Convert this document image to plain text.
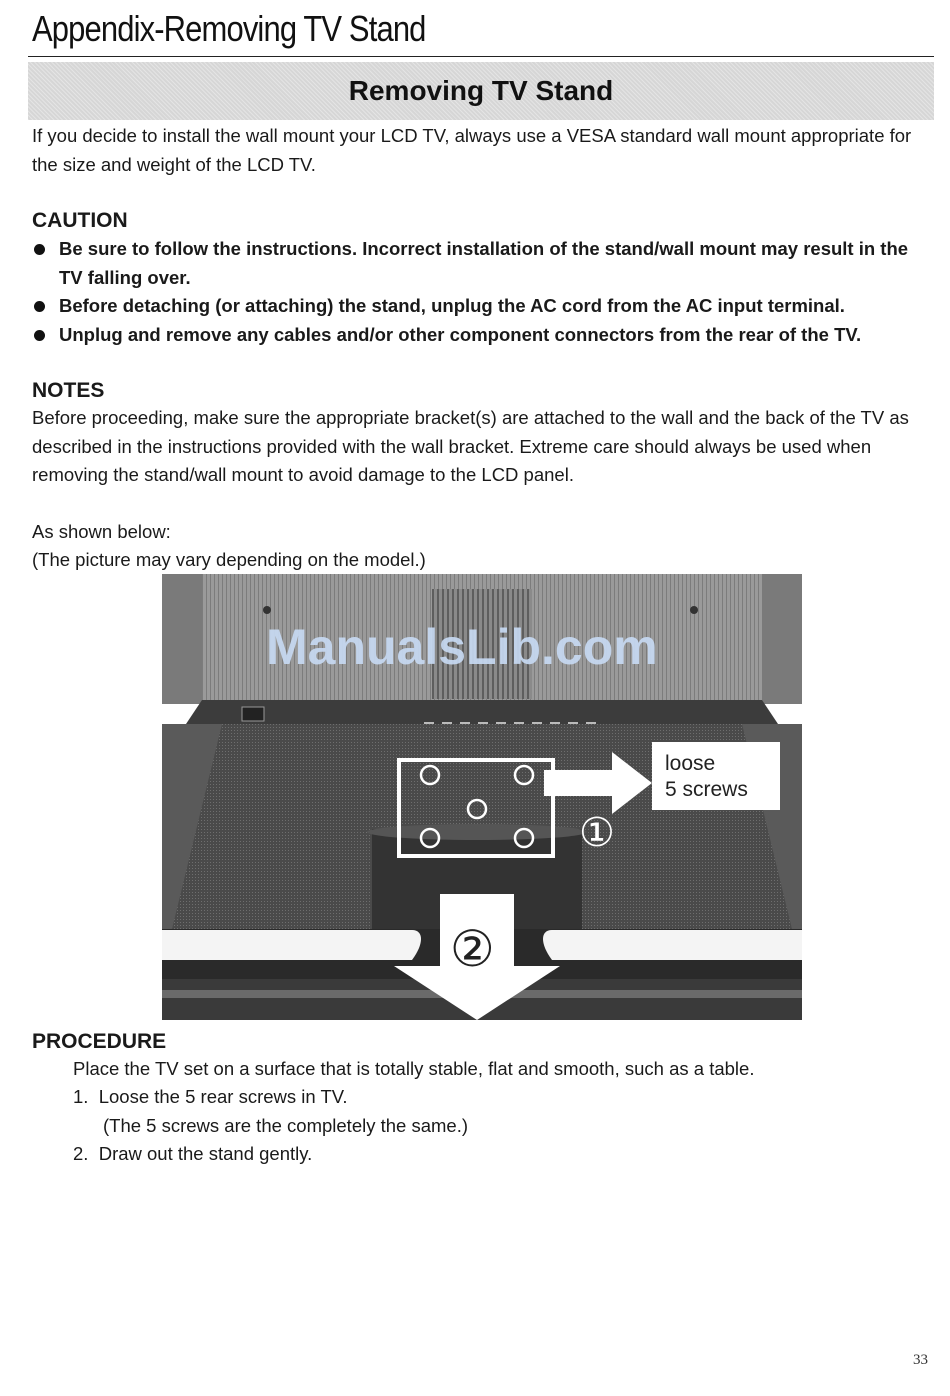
Appendix-Removing TV Stand
Removing TV Stand

If you decide to install the wall mount your LCD TV, always use a VESA standard wall mount appropriate for the size and weight of the LCD TV.

CAUTION
Be sure to follow the instructions. Incorrect installation of the stand/wall mount may result in the TV falling over.
Before detaching (or attaching) the stand, unplug the AC cord from the AC input terminal.
Unplug and remove any cables and/or other component connectors from the rear of the TV.
NOTES

Before proceeding, make sure the appropriate bracket(s) are attached to the wall and the back of the TV as described in the instructions provided with the wall bracket. Extreme care should always be used when removing the stand/wall mount to avoid damage to the LCD panel.

As shown below:

(The picture may vary depending on the model.)

loose
5 screws
①
②
ManualsLib.com
PROCEDURE

Place the TV set on a surface that is totally stable, flat and smooth, such as a table.

1.  Loose the 5 rear screws in TV.

(The 5 screws are the completely the same.)

2.  Draw out the stand gently.

33
